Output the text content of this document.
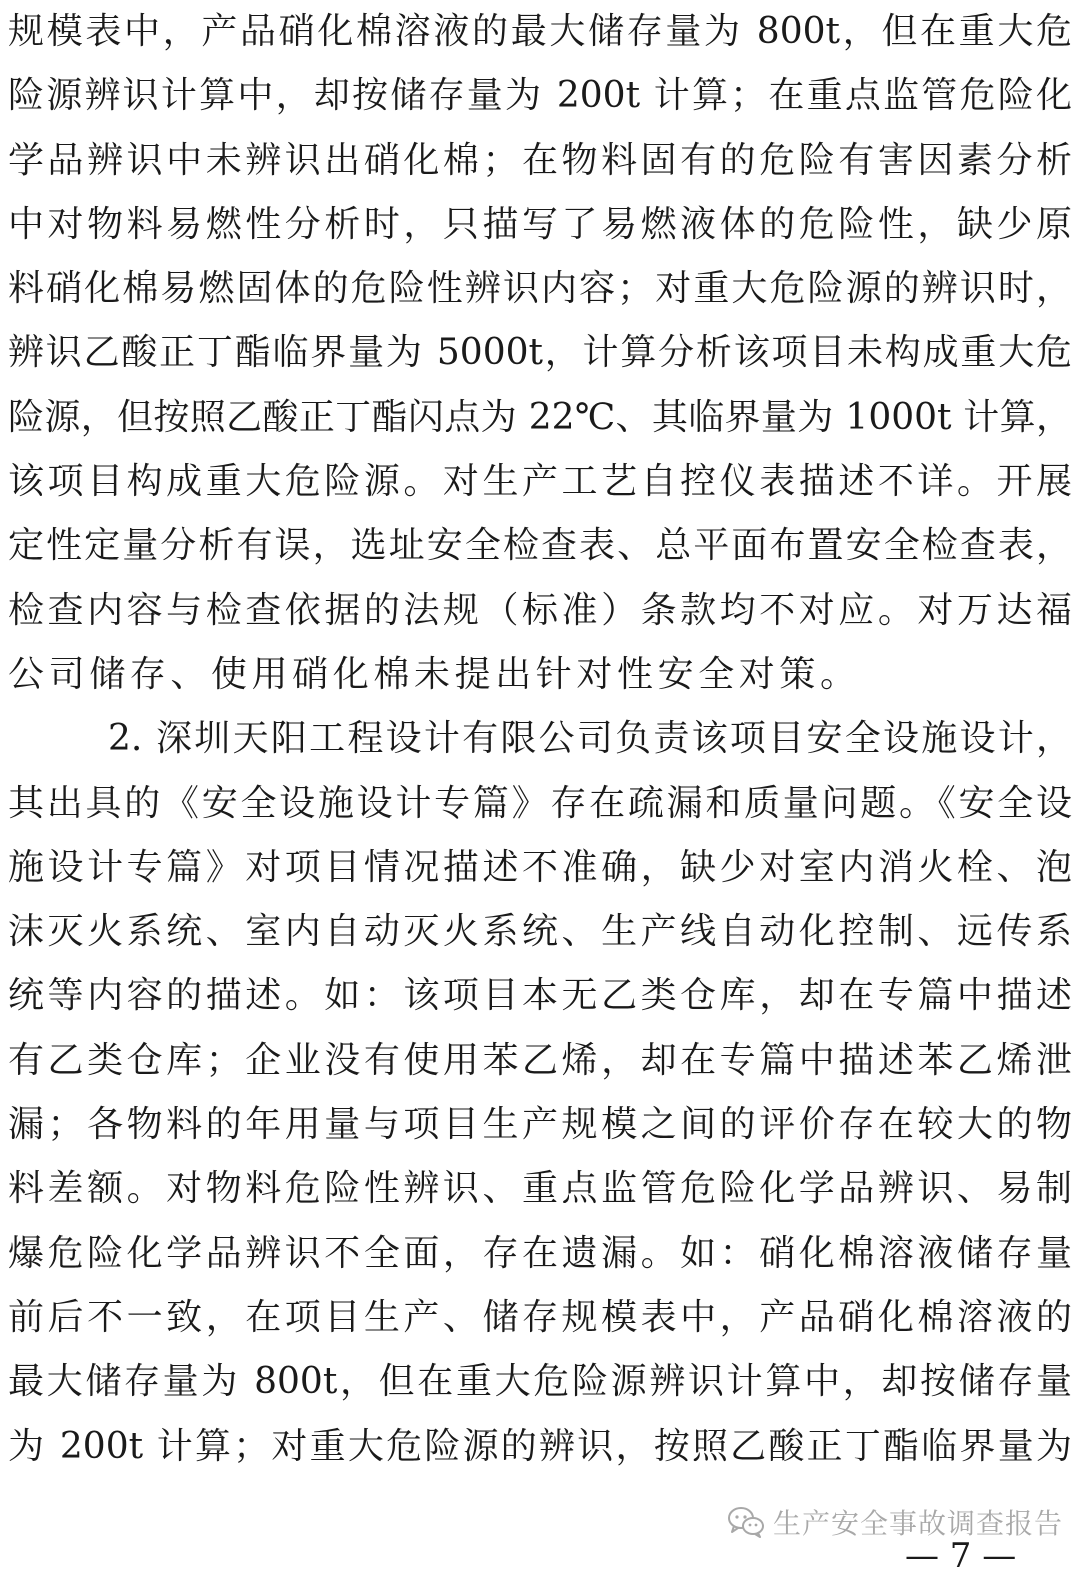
规模表中，产品硝化棉溶液的最大储存量为 800t，但在重大危
险源辨识计算中，却按储存量为 200t 计算；在重点监管危险化
学品辨识中未辨识出硝化棉；在物料固有的危险有害因素分析
中对物料易燃性分析时，只描写了易燃液体的危险性，缺少原
料硝化棉易燃固体的危险性辨识内容；对重大危险源的辨识时，
辨识乙酸正丁酯临界量为 5000t，计算分析该项目未构成重大危
险源，但按照乙酸正丁酯闪点为 22℃、其临界量为 1000t 计算，
该项目构成重大危险源。对生产工艺自控仪表描述不详。开展
定性定量分析有误，选址安全检查表、总平面布置安全检查表，
检查内容与检查依据的法规（标准）条款均不对应。对万达福
公司储存、使用硝化棉未提出针对性安全对策。
2. 深圳天阳工程设计有限公司负责该项目安全设施设计，
其出具的《安全设施设计专篇》存在疏漏和质量问题。《安全设
施设计专篇》对项目情况描述不准确，缺少对室内消火栓、泡
沫灭火系统、室内自动灭火系统、生产线自动化控制、远传系
统等内容的描述。如：该项目本无乙类仓库，却在专篇中描述
有乙类仓库；企业没有使用苯乙烯，却在专篇中描述苯乙烯泄
漏；各物料的年用量与项目生产规模之间的评价存在较大的物
料差额。对物料危险性辨识、重点监管危险化学品辨识、易制
爆危险化学品辨识不全面，存在遗漏。如：硝化棉溶液储存量
前后不一致，在项目生产、储存规模表中，产品硝化棉溶液的
最大储存量为 800t，但在重大危险源辨识计算中，却按储存量
为 200t 计算；对重大危险源的辨识，按照乙酸正丁酯临界量为
生产安全事故调查报告
— 7 —
